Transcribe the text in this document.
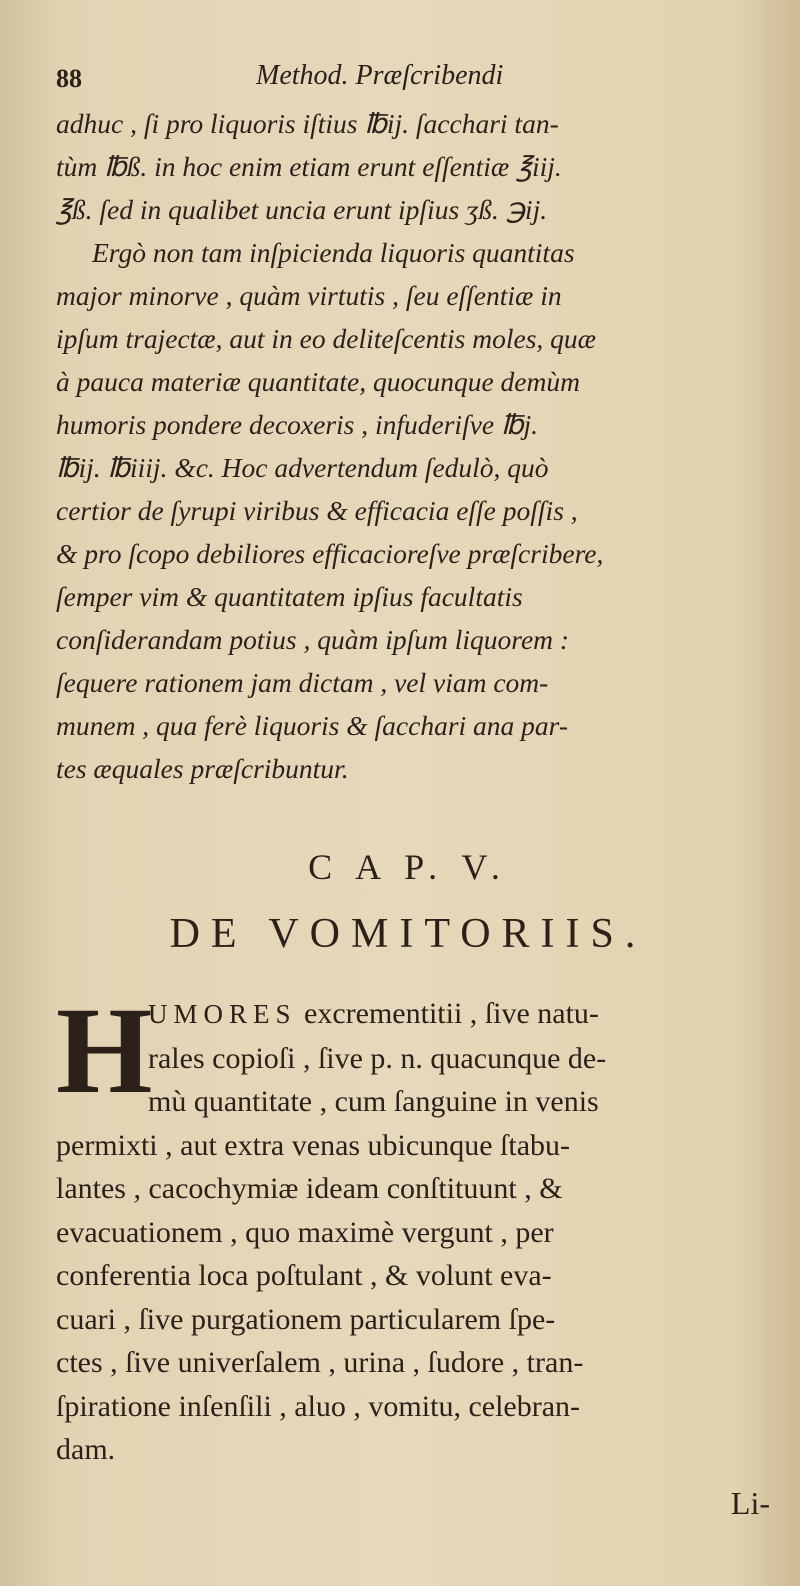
88	Method. Præſcribendi

adhuc , ſi pro liquoris iſtius ℔ij. ſacchari tan-

tùm ℔ß. in hoc enim etiam erunt eſſentiæ ℥iij.

℥ß. ſed in qualibet uncia erunt ipſius ʒß. ℈ij.

Ergò non tam inſpicienda liquoris quantitas

major minorve , quàm virtutis , ſeu eſſentiæ in

ipſum trajectæ, aut in eo deliteſcentis moles, quæ

à pauca materiæ quantitate, quocunque demùm

humoris pondere decoxeris , infuderiſve ℔j.

℔ij. ℔iiij. &c. Hoc advertendum ſedulò, quò

certior de ſyrupi viribus & efficacia eſſe poſſis ,

& pro ſcopo debiliores efficacioreſve præſcribere,

ſemper vim & quantitatem ipſius facultatis

conſiderandam potius , quàm ipſum liquorem :

ſequere rationem jam dictam , vel viam com-

munem , qua ferè liquoris & ſacchari ana par-

tes æquales præſcribuntur.

C A P. V.
DE VOMITORIIS.
H

UMORES excrementitii , ſive natu-

rales copioſi , ſive p. n. quacunque de-

mù quantitate , cum ſanguine in venis

permixti , aut extra venas ubicunque ſtabu-

lantes , cacochymiæ ideam conſtituunt , &

evacuationem , quo maximè vergunt , per

conferentia loca poſtulant , & volunt eva-

cuari , ſive purgationem particularem ſpe-

ctes , ſive univerſalem , urina , ſudore , tran-

ſpiratione inſenſili , aluo , vomitu, celebran-

dam.

Li-
